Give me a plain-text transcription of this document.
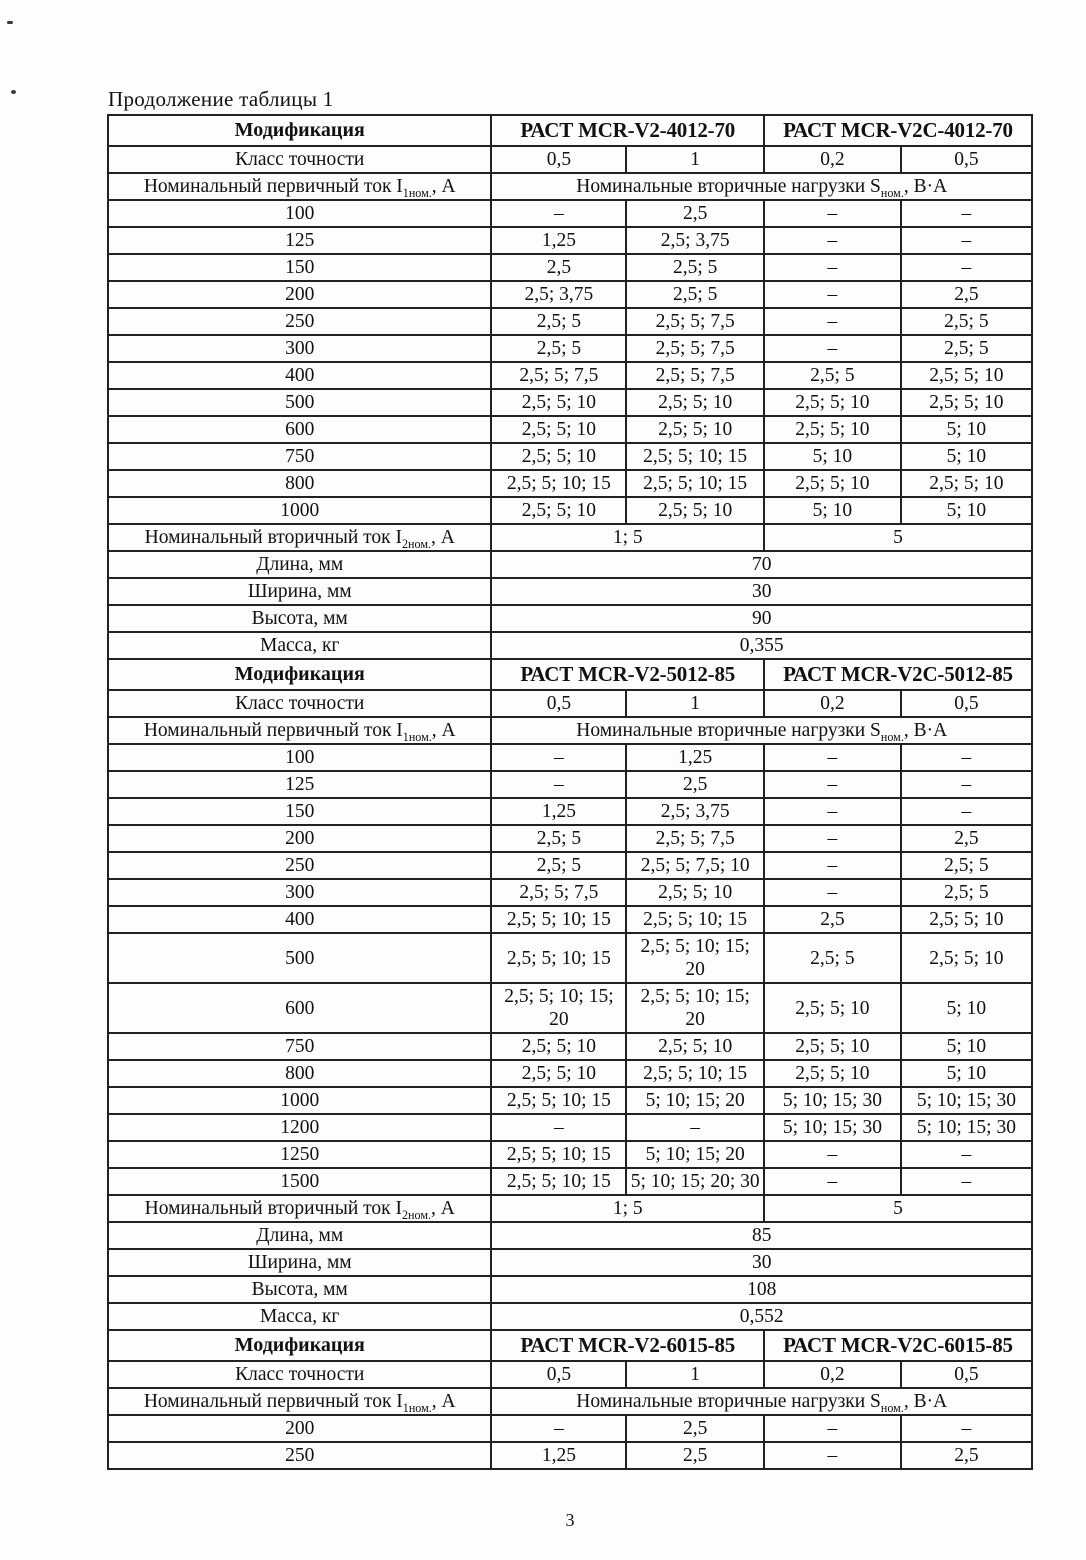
Продолжение таблицы 1
Модификация	РАСТ MCR-V2-4012-70		РАСТ MCR-V2C-4012-70	
Класс точности	0,5	1	0,2	0,5
Номинальный первичный ток $I_{1ном.}$, А	Номинальные вторичные нагрузки $S_{ном.}$, В·А			
100	–	2,5	–	–
125	1,25	2,5; 3,75	–	–
150	2,5	2,5; 5	–	–
200	2,5; 3,75	2,5; 5	–	2,5
250	2,5; 5	2,5; 5; 7,5	–	2,5; 5
300	2,5; 5	2,5; 5; 7,5	–	2,5; 5
400	2,5; 5; 7,5	2,5; 5; 7,5	2,5; 5	2,5; 5; 10
500	2,5; 5; 10	2,5; 5; 10	2,5; 5; 10	2,5; 5; 10
600	2,5; 5; 10	2,5; 5; 10	2,5; 5; 10	5; 10
750	2,5; 5; 10	2,5; 5; 10; 15	5; 10	5; 10
800	2,5; 5; 10; 15	2,5; 5; 10; 15	2,5; 5; 10	2,5; 5; 10
1000	2,5; 5; 10	2,5; 5; 10	5; 10	5; 10
Номинальный вторичный ток $I_{2ном.}$, А	1; 5		5	
Длина, мм	70			
Ширина, мм	30			
Высота, мм	90			
Масса, кг	0,355			
Модификация	РАСТ MCR-V2-5012-85		РАСТ MCR-V2C-5012-85	
Класс точности	0,5	1	0,2	0,5
Номинальный первичный ток $I_{1ном.}$, А	Номинальные вторичные нагрузки $S_{ном.}$, В·А			
100	–	1,25	–	–
125	–	2,5	–	–
150	1,25	2,5; 3,75	–	–
200	2,5; 5	2,5; 5; 7,5	–	2,5
250	2,5; 5	2,5; 5; 7,5; 10	–	2,5; 5
300	2,5; 5; 7,5	2,5; 5; 10	–	2,5; 5
400	2,5; 5; 10; 15	2,5; 5; 10; 15	2,5	2,5; 5; 10
500	2,5; 5; 10; 15	2,5; 5; 10; 15; 20	2,5; 5	2,5; 5; 10
600	2,5; 5; 10; 15; 20	2,5; 5; 10; 15; 20	2,5; 5; 10	5; 10
750	2,5; 5; 10	2,5; 5; 10	2,5; 5; 10	5; 10
800	2,5; 5; 10	2,5; 5; 10; 15	2,5; 5; 10	5; 10
1000	2,5; 5; 10; 15	5; 10; 15; 20	5; 10; 15; 30	5; 10; 15; 30
1200	–	–	5; 10; 15; 30	5; 10; 15; 30
1250	2,5; 5; 10; 15	5; 10; 15; 20	–	–
1500	2,5; 5; 10; 15	5; 10; 15; 20; 30	–	–
Номинальный вторичный ток $I_{2ном.}$, А	1; 5		5	
Длина, мм	85			
Ширина, мм	30			
Высота, мм	108			
Масса, кг	0,552			
Модификация	РАСТ MCR-V2-6015-85		РАСТ MCR-V2C-6015-85	
Класс точности	0,5	1	0,2	0,5
Номинальный первичный ток $I_{1ном.}$, А	Номинальные вторичные нагрузки $S_{ном.}$, В·А			
200	–	2,5	–	–
250	1,25	2,5	–	2,5
3
